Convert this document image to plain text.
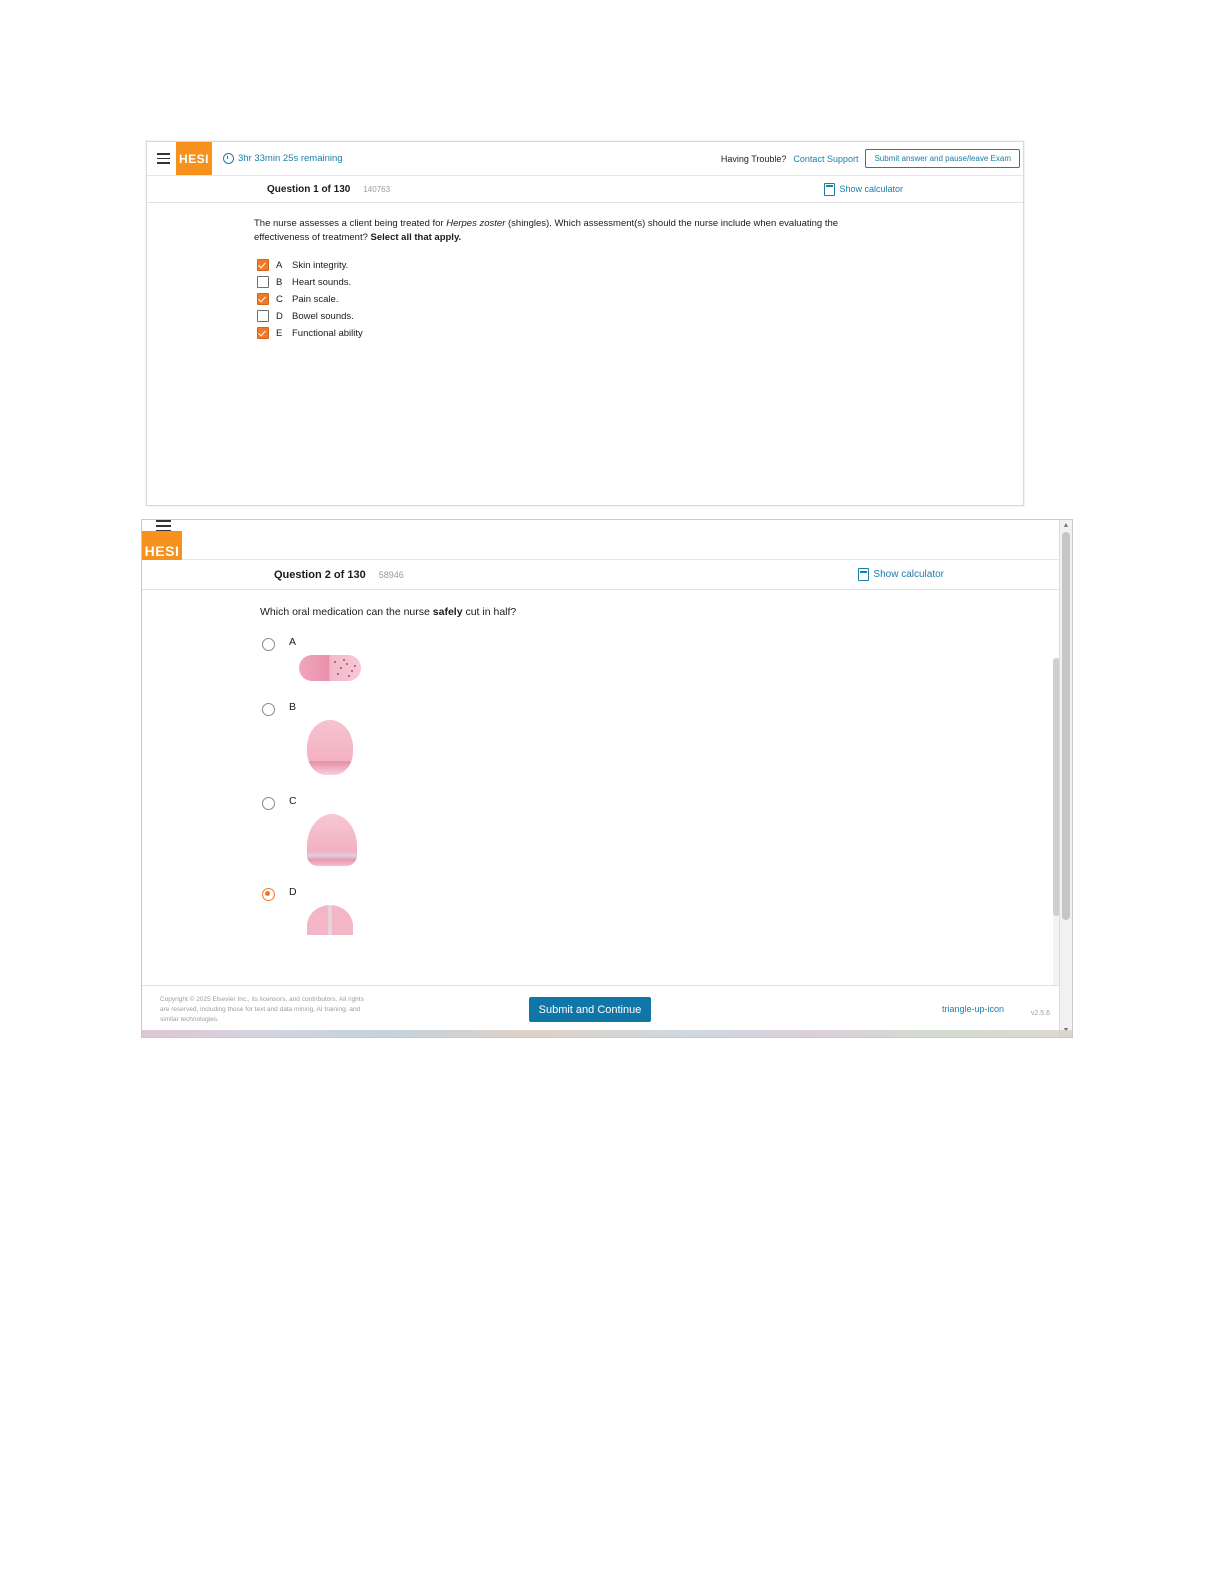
HESI	3hr 33min 25s remaining	Having Trouble? Contact Support	Submit answer and pause/leave Exam
Question 1 of 130 140763	Show calculator

The nurse assesses a client being treated for Herpes zoster (shingles). Which assessment(s) should the nurse include when evaluating the effectiveness of treatment? Select all that apply.

A Skin integrity.
B Heart sounds.
C Pain scale.
D Bowel sounds.
E Functional ability
HESI
Question 2 of 130 58946	Show calculator

Which oral medication can the nurse safely cut in half?

A
B
C
D
Copyright © 2025 Elsevier Inc., its licensors, and contributors. All rights are reserved, including those for text and data mining, AI training, and similar technologies.
Submit and Continue	triangle-up-icon	v2.5.6
▲
